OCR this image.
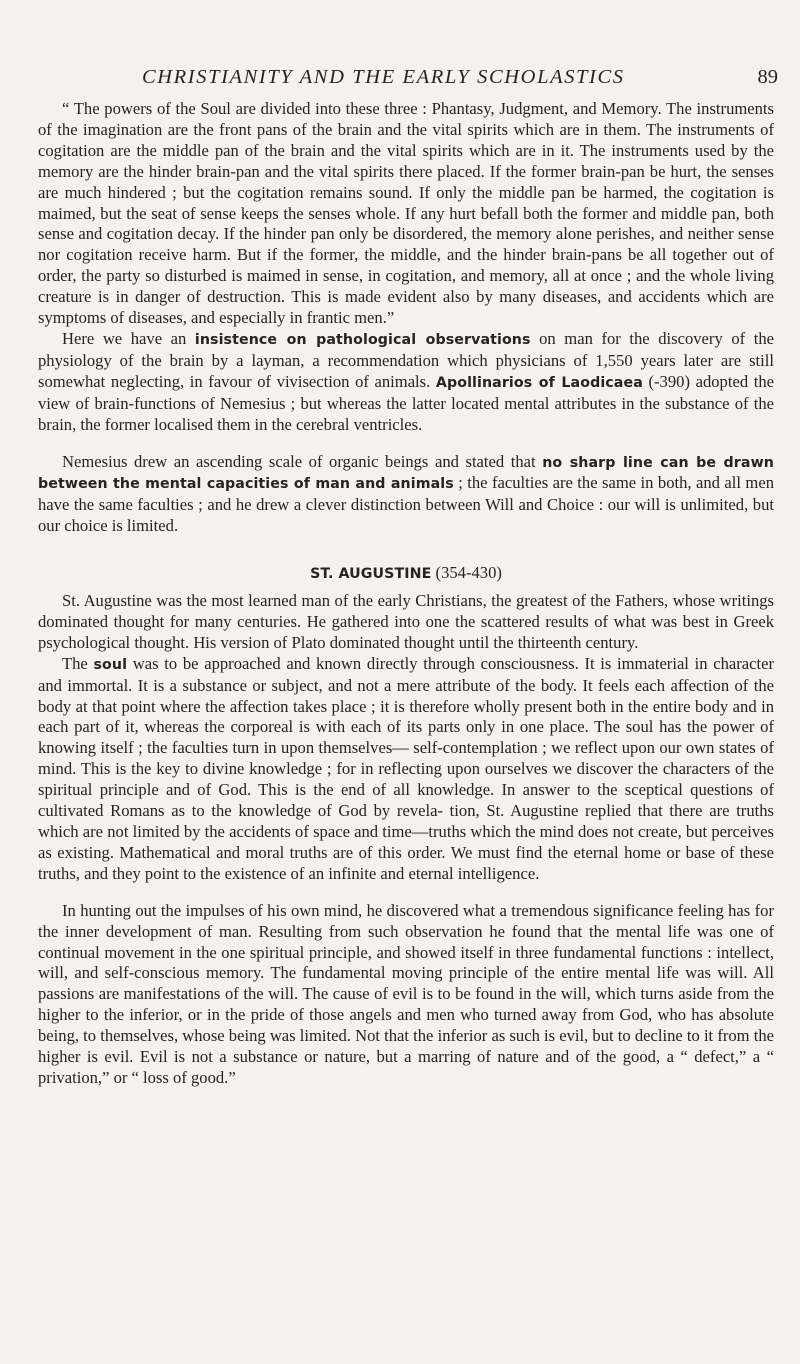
CHRISTIANITY AND THE EARLY SCHOLASTICS	89

“ The powers of the Soul are divided into these three : Phantasy, Judgment, and Memory. The instruments of the imagination are the front pans of the brain and the vital spirits which are in them. The instruments of cogitation are the middle pan of the brain and the vital spirits which are in it. The instruments used by the memory are the hinder brain-pan and the vital spirits there placed. If the former brain-pan be hurt, the senses are much hindered ; but the cogitation remains sound. If only the middle pan be harmed, the cogitation is maimed, but the seat of sense keeps the senses whole. If any hurt befall both the former and middle pan, both sense and cogitation decay. If the hinder pan only be disordered, the memory alone perishes, and neither sense nor cogitation receive harm. But if the former, the middle, and the hinder brain-pans be all together out of order, the party so disturbed is maimed in sense, in cogitation, and memory, all at once ; and the whole living creature is in danger of destruction. This is made evident also by many diseases, and accidents which are symptoms of diseases, and especially in frantic men.”

Here we have an insistence on pathological observations on man for the discovery of the physiology of the brain by a layman, a recommendation which physicians of 1,550 years later are still somewhat neglecting, in favour of vivisection of animals. Apollinarios of Laodicaea (-390) adopted the view of brain-functions of Nemesius ; but whereas the latter located mental attributes in the substance of the brain, the former localised them in the cerebral ventricles.

Nemesius drew an ascending scale of organic beings and stated that no sharp line can be drawn between the mental capacities of man and animals ; the faculties are the same in both, and all men have the same faculties ; and he drew a clever distinction between Will and Choice : our will is unlimited, but our choice is limited.

ST. AUGUSTINE (354-430)

St. Augustine was the most learned man of the early Christians, the greatest of the Fathers, whose writings dominated thought for many centuries. He gathered into one the scattered results of what was best in Greek psychological thought. His version of Plato dominated thought until the thirteenth century.

The soul was to be approached and known directly through consciousness. It is immaterial in character and immortal. It is a substance or subject, and not a mere attribute of the body. It feels each affection of the body at that point where the affection takes place ; it is therefore wholly present both in the entire body and in each part of it, whereas the corporeal is with each of its parts only in one place. The soul has the power of knowing itself ; the faculties turn in upon themselves— self-contemplation ; we reflect upon our own states of mind. This is the key to divine knowledge ; for in reflecting upon ourselves we discover the characters of the spiritual principle and of God. This is the end of all knowledge. In answer to the sceptical questions of cultivated Romans as to the knowledge of God by revela- tion, St. Augustine replied that there are truths which are not limited by the accidents of space and time—truths which the mind does not create, but perceives as existing. Mathematical and moral truths are of this order. We must find the eternal home or base of these truths, and they point to the existence of an infinite and eternal intelligence.

In hunting out the impulses of his own mind, he discovered what a tremendous significance feeling has for the inner development of man. Resulting from such observation he found that the mental life was one of continual movement in the one spiritual principle, and showed itself in three fundamental functions : intellect, will, and self-conscious memory. The fundamental moving principle of the entire mental life was will. All passions are manifestations of the will. The cause of evil is to be found in the will, which turns aside from the higher to the inferior, or in the pride of those angels and men who turned away from God, who has absolute being, to themselves, whose being was limited. Not that the inferior as such is evil, but to decline to it from the higher is evil. Evil is not a substance or nature, but a marring of nature and of the good, a “ defect,” a “ privation,” or “ loss of good.”
